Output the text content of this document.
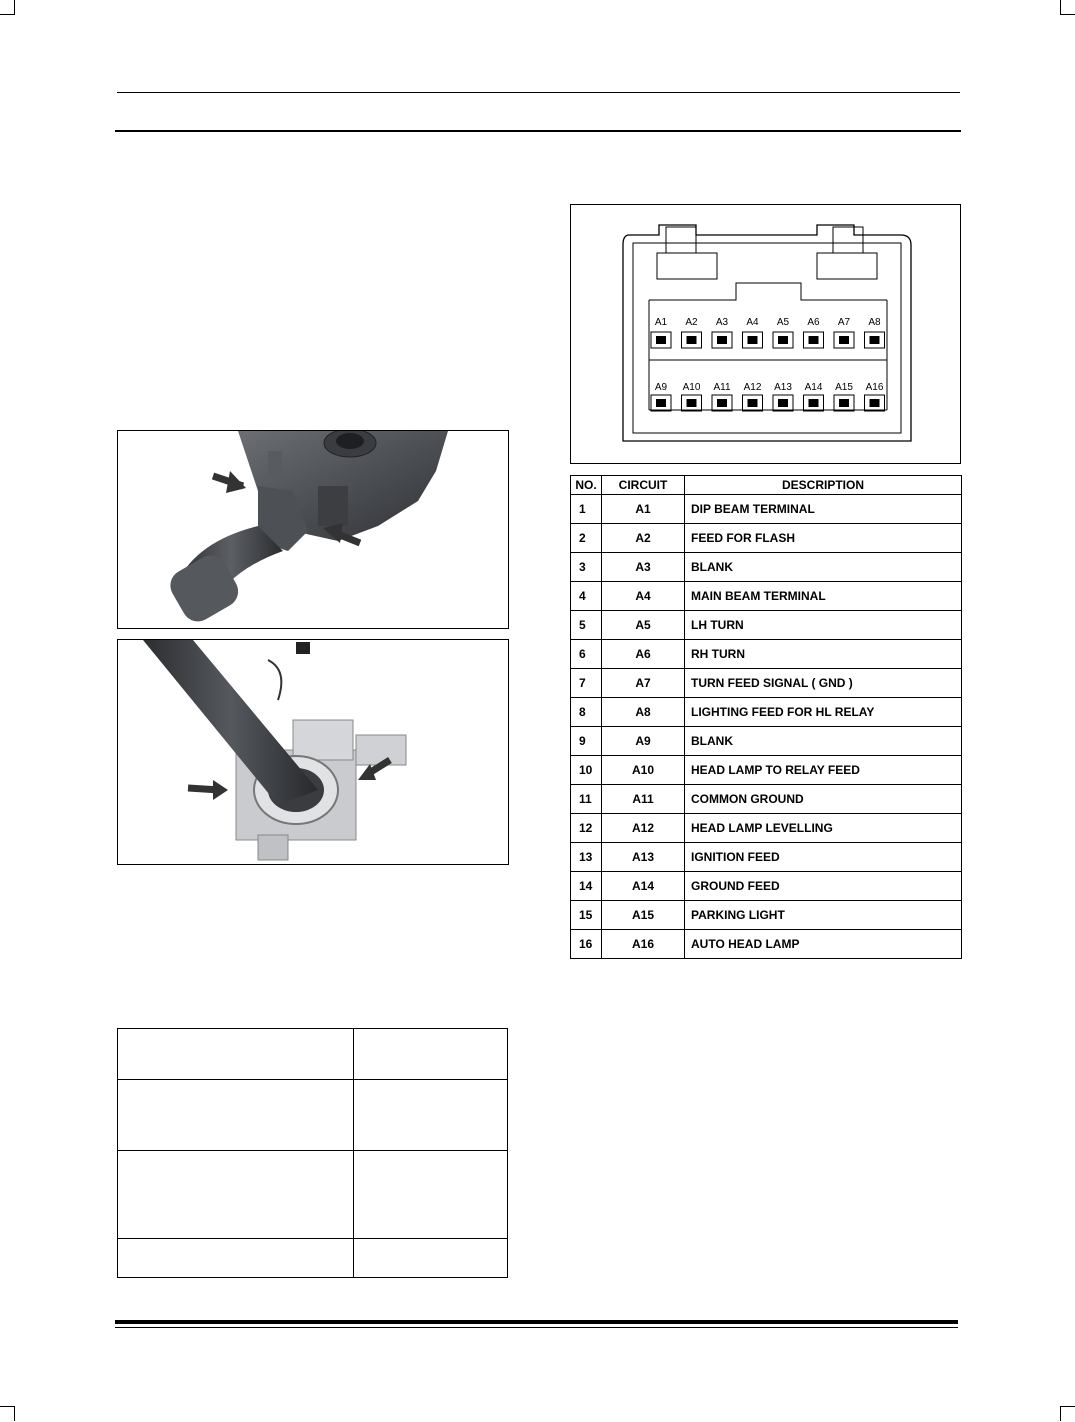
A1 A2 A3 A4 A5 A6 A7 A8
A9 A10 A11 A12 A13 A14 A15 A16
NO.	CIRCUIT	DESCRIPTION
1	A1	DIP BEAM TERMINAL
2	A2	FEED FOR FLASH
3	A3	BLANK
4	A4	MAIN BEAM TERMINAL
5	A5	LH TURN
6	A6	RH TURN
7	A7	TURN FEED SIGNAL ( GND )
8	A8	LIGHTING FEED FOR HL RELAY
9	A9	BLANK
10	A10	HEAD LAMP TO RELAY FEED
11	A11	COMMON GROUND
12	A12	HEAD LAMP LEVELLING
13	A13	IGNITION FEED
14	A14	GROUND FEED
15	A15	PARKING LIGHT
16	A16	AUTO HEAD LAMP
